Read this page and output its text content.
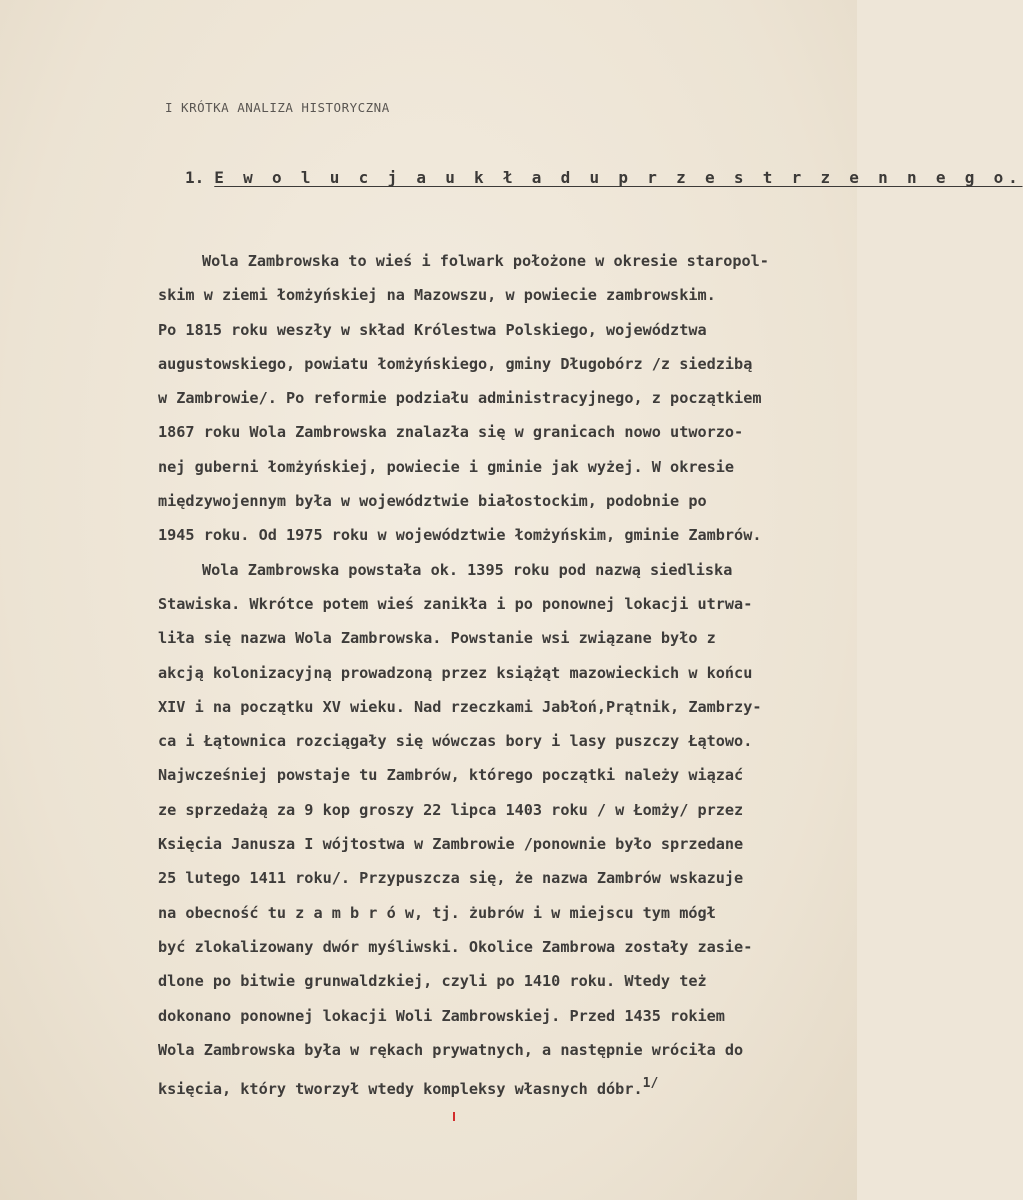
I KRÓTKA ANALIZA HISTORYCZNA
1. E w o l u c j a u k ł a d u p r z e s t r z e n n e g o.

Wola Zambrowska to wieś i folwark położone w okresie staropol-

skim w ziemi łomżyńskiej na Mazowszu, w powiecie zambrowskim.

Po 1815 roku weszły w skład Królestwa Polskiego, województwa

augustowskiego, powiatu łomżyńskiego, gminy Długobórz /z siedzibą

w Zambrowie/. Po reformie podziału administracyjnego, z początkiem

1867 roku Wola Zambrowska znalazła się w granicach nowo utworzo-

nej guberni łomżyńskiej, powiecie i gminie jak wyżej. W okresie

międzywojennym była w województwie białostockim, podobnie po

1945 roku. Od 1975 roku w województwie łomżyńskim, gminie Zambrów.

Wola Zambrowska powstała ok. 1395 roku pod nazwą siedliska

Stawiska. Wkrótce potem wieś zanikła i po ponownej lokacji utrwa-

liła się nazwa Wola Zambrowska. Powstanie wsi związane było z

akcją kolonizacyjną prowadzoną przez książąt mazowieckich w końcu

XIV i na początku XV wieku. Nad rzeczkami Jabłoń,Prątnik, Zambrzy-

ca i Łątownica rozciągały się wówczas bory i lasy puszczy Łątowo.

Najwcześniej powstaje tu Zambrów, którego początki należy wiązać

ze sprzedażą za 9 kop groszy 22 lipca 1403 roku / w Łomży/ przez

Księcia Janusza I wójtostwa w Zambrowie /ponownie było sprzedane

25 lutego 1411 roku/. Przypuszcza się, że nazwa Zambrów wskazuje

na obecność tu z a m b r ó w, tj. żubrów i w miejscu tym mógł

być zlokalizowany dwór myśliwski. Okolice Zambrowa zostały zasie-

dlone po bitwie grunwaldzkiej, czyli po 1410 roku. Wtedy też

dokonano ponownej lokacji Woli Zambrowskiej. Przed 1435 rokiem

Wola Zambrowska była w rękach prywatnych, a następnie wróciła do

księcia, który tworzył wtedy kompleksy własnych dóbr.$^{1/}$
